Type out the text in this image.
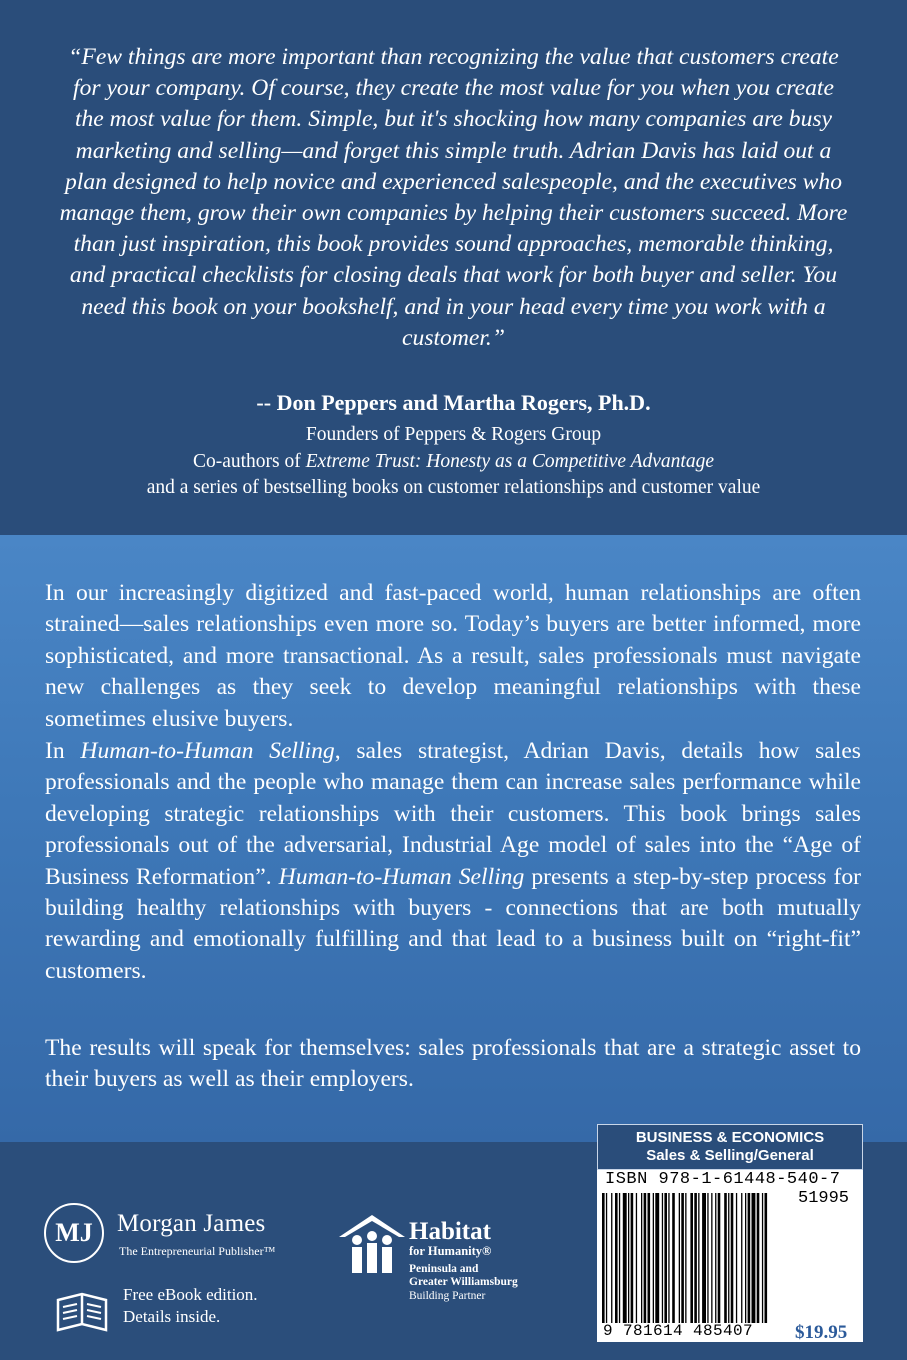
“Few things are more important than recognizing the value that customers create for your company. Of course, they create the most value for you when you create the most value for them. Simple, but it's shocking how many companies are busy marketing and selling—and forget this simple truth. Adrian Davis has laid out a plan designed to help novice and experienced salespeople, and the executives who manage them, grow their own companies by helping their customers succeed. More than just inspiration, this book provides sound approaches, memorable thinking, and practical checklists for closing deals that work for both buyer and seller. You need this book on your bookshelf, and in your head every time you work with a customer.”

-- Don Peppers and Martha Rogers, Ph.D.
Founders of Peppers & Rogers Group
Co-authors of Extreme Trust: Honesty as a Competitive Advantage
and a series of bestselling books on customer relationships and customer value

In our increasingly digitized and fast-paced world, human relationships are often strained—sales relationships even more so. Today’s buyers are better informed, more sophisticated, and more transactional. As a result, sales professionals must navigate new challenges as they seek to develop meaningful relationships with these sometimes elusive buyers.

In Human-to-Human Selling, sales strategist, Adrian Davis, details how sales professionals and the people who manage them can increase sales performance while developing strategic relationships with their customers. This book brings sales professionals out of the adversarial, Industrial Age model of sales into the “Age of Business Reformation”. Human-to-Human Selling presents a step-by-step process for building healthy relationships with buyers - connections that are both mutually rewarding and emotionally fulfilling and that lead to a business built on “right-fit” customers.

The results will speak for themselves: sales professionals that are a strategic asset to their buyers as well as their employers.

MJ Morgan James
The Entrepreneurial Publisher™
Free eBook edition.
Details inside.
Habitat
for Humanity®
Peninsula and
Greater Williamsburg
Building Partner
BUSINESS & ECONOMICS
Sales & Selling/General
ISBN 978-1-61448-540-7
51995
9 781614 485407 $19.95
